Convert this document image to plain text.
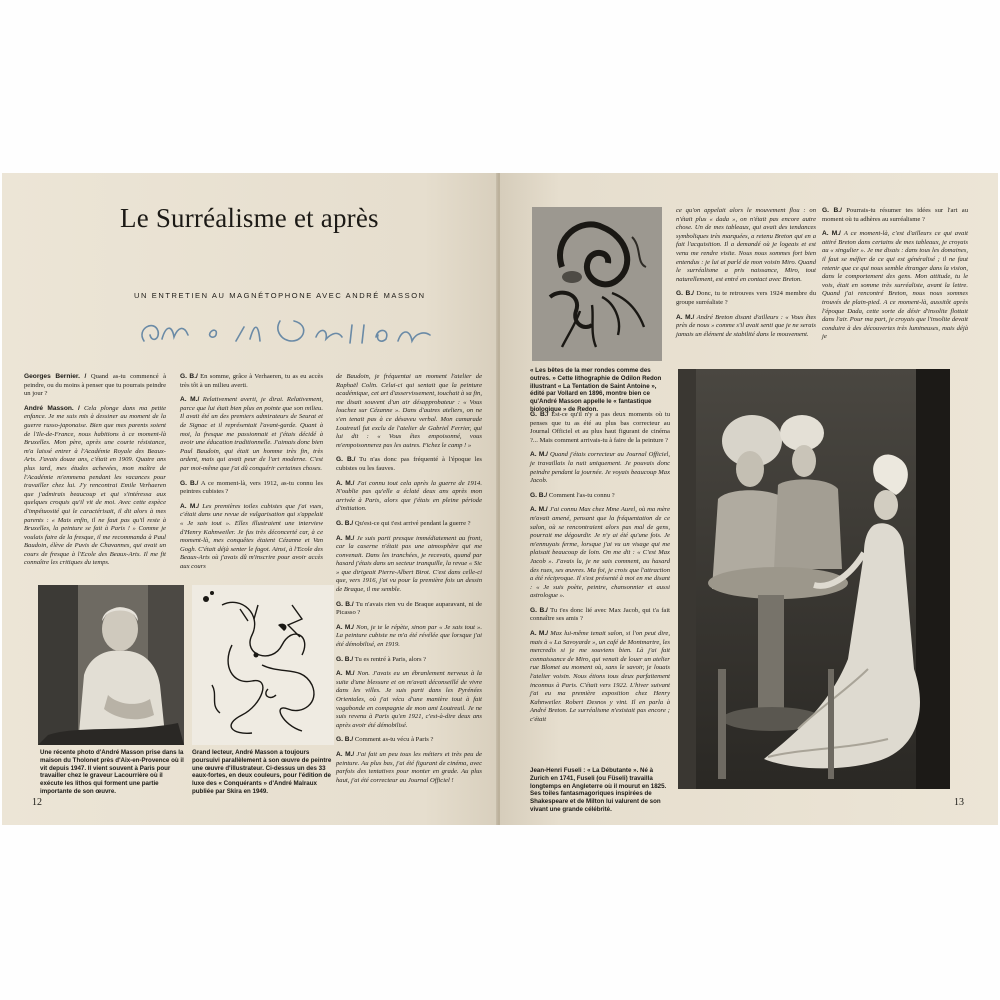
Le Surréalisme et après
UN ENTRETIEN AU MAGNÉTOPHONE AVEC ANDRÉ MASSON

Georges Bernier. / Quand as-tu commencé à peindre, ou du moins à penser que tu pourrais peindre un jour ?

André Masson. / Cela plonge dans ma petite enfance. Je me suis mis à dessiner au moment de la guerre russo-japonaise. Bien que mes parents soient de l'Ile-de-France, nous habitions à ce moment-là Bruxelles. Mon père, après une courte résistance, m'a laissé entrer à l'Académie Royale des Beaux-Arts. J'avais douze ans, c'était en 1909. Quatre ans plus tard, mes études achevées, mon maître de l'Académie m'emmena pendant les vacances pour travailler chez lui. J'y rencontrai Emile Verhaeren que j'admirais beaucoup et qui s'intéressa aux quelques croquis qu'il vit de moi. Avec cette espèce d'impétuosité qui le caractérisait, il dit alors à mes parents : « Mais enfin, il ne faut pas qu'il reste à Bruxelles, la peinture se fait à Paris ! » Comme je voulais faire de la fresque, il me recommanda à Paul Baudoin, élève de Puvis de Chavannes, qui avait un cours de fresque à l'Ecole des Beaux-Arts. Il me fit connaître les critiques du temps.

G. B./ En somme, grâce à Verhaeren, tu as eu accès très tôt à un milieu averti.

A. M./ Relativement averti, je dirai. Relativement, parce que lui était bien plus en pointe que son milieu. Il avait été un des premiers admirateurs de Seurat et de Signac et il représentait l'avant-garde. Quant à moi, la fresque me passionnait et j'étais décidé à avoir une éducation traditionnelle. J'aimais donc bien Paul Baudoin, qui était un homme très fin, très ardent, mais qui avait peur de l'art moderne. C'est par moi-même que j'ai dû conquérir certaines choses.

G. B./ A ce moment-là, vers 1912, as-tu connu les peintres cubistes ?

A. M./ Les premières toiles cubistes que j'ai vues, c'était dans une revue de vulgarisation qui s'appelait « Je sais tout ». Elles illustraient une interview d'Henry Kahnweiler. Je fus très déconcerté car, à ce moment-là, mes conquêtes étaient Cézanne et Van Gogh. C'était déjà senter le fagot. Ainsi, à l'Ecole des Beaux-Arts où j'avais dû m'inscrire pour avoir accès aux cours

de Baudoin, je fréquentai un moment l'atelier de Raphaël Colin. Celui-ci qui sentait que la peinture académique, cet art d'asservissement, touchait à sa fin, me disait souvent d'un air désapprobateur : « Vous louchez sur Cézanne ». Dans d'autres ateliers, on ne s'en tenait pas à ce désaveu verbal. Mon camarade Loutreuil fut exclu de l'atelier de Gabriel Ferrier, qui lui dit : « Vous êtes empoisonné, vous m'empoisonnerez pas les autres. Fichez le camp ! »

G. B./ Tu n'as donc pas fréquenté à l'époque les cubistes ou les fauves.

A. M./ J'ai connu tout cela après la guerre de 1914. N'oublie pas qu'elle a éclaté deux ans après mon arrivée à Paris, alors que j'étais en pleine période d'initiation.

G. B./ Qu'est-ce qui t'est arrivé pendant la guerre ?

A. M./ Je suis parti presque immédiatement au front, car la caserne n'était pas une atmosphère qui me convenait. Dans les tranchées, je recevais, quand par hasard j'étais dans un secteur tranquille, la revue « Sic » que dirigeait Pierre-Albert Birot. C'est dans celle-ci que, vers 1916, j'ai vu pour la première fois un dessin de Braque, il me semble.

G. B./ Tu n'avais rien vu de Braque auparavant, ni de Picasso ?

A. M./ Non, je te le répète, sinon par « Je sais tout ». La peinture cubiste ne m'a été révélée que lorsque j'ai été démobilisé, en 1919.

G. B./ Tu es rentré à Paris, alors ?

A. M./ Non. J'avais eu un ébranlement nerveux à la suite d'une blessure et on m'avait déconseillé de vivre dans les villes. Je suis parti dans les Pyrénées Orientales, où j'ai vécu d'une manière tout à fait vagabonde en compagnie de mon ami Loutreuil. Je ne suis revenu à Paris qu'en 1921, c'est-à-dire deux ans après avoir été démobilisé.

G. B./ Comment as-tu vécu à Paris ?

A. M./ J'ai fait un peu tous les métiers et très peu de peinture. Au plus bas, j'ai été figurant de cinéma, avec parfois des tentatives pour monter en grade. Au plus haut, j'ai été correcteur au Journal Officiel !

Une récente photo d'André Masson prise dans la maison du Tholonet près d'Aix-en-Provence où il vit depuis 1947. Il vient souvent à Paris pour travailler chez le graveur Lacourrière où il exécute les lithos qui forment une partie importante de son œuvre.
Grand lecteur, André Masson a toujours poursuivi parallèlement à son œuvre de peintre une œuvre d'illustrateur. Ci-dessus un des 33 eaux-fortes, en deux couleurs, pour l'édition de luxe des « Conquérants » d'André Malraux publiée par Skira en 1949.
12
« Les bêtes de la mer rondes comme des outres. » Cette lithographie de Odilon Redon illustrant « La Tentation de Saint Antoine », édité par Vollard en 1896, montre bien ce qu'André Masson appelle le « fantastique biologique » de Redon.

ce qu'on appelait alors le mouvement flou : on n'était plus « dada », on n'était pas encore autre chose. Un de mes tableaux, qui avait des tendances symboliques très marquées, a retenu Breton qui en a fait l'acquisition. Il a demandé où je logeais et est venu me rendre visite. Nous nous sommes fort bien entendus : je lui ai parlé de mon voisin Miro. Quand le surréalisme a pris naissance, Miro, tout naturellement, est entré en contact avec Breton.

G. B./ Donc, tu te retrouves vers 1924 membre du groupe surréaliste ?

A. M./ André Breton disant d'ailleurs : « Vous êtes près de nous » comme s'il avait senti que je ne serais jamais un élément de stabilité dans le mouvement.

G. B./ Pourrais-tu résumer tes idées sur l'art au moment où tu adhères au surréalisme ?

A. M./ A ce moment-là, c'est d'ailleurs ce qui avait attiré Breton dans certains de mes tableaux, je croyais au « singulier ». Je me disais : dans tous les domaines, il faut se méfier de ce qui est généralisé ; il ne faut retenir que ce qui nous semble étranger dans la vision, dans le comportement des gens. Mon attitude, tu le vois, était en somme très surréaliste, avant la lettre. Quand j'ai rencontré Breton, nous nous sommes trouvés de plain-pied. A ce moment-là, aussitôt après l'époque Dada, cette sorte de désir d'insolite flottait dans l'air. Pour ma part, je croyais que l'insolite devait conduire à des découvertes très lumineuses, mais déjà je

G. B./ Est-ce qu'il n'y a pas deux moments où tu penses que tu as été au plus bas correcteur au Journal Officiel et au plus haut figurant de cinéma ?... Mais comment arrivais-tu à faire de la peinture ?

A. M./ Quand j'étais correcteur au Journal Officiel, je travaillais la nuit uniquement. Je pouvais donc peindre pendant la journée. Je voyais beaucoup Max Jacob.

G. B./ Comment l'as-tu connu ?

A. M./ J'ai connu Max chez Mme Aurel, où ma mère m'avait amené, pensant que la fréquentation de ce salon, où se rencontraient alors pas mal de gens, pourrait me dégourdir. Je n'y ai été qu'une fois. Je m'ennuyais ferme, lorsque j'ai vu un visage qui me plaisait beaucoup de loin. On me dit : « C'est Max Jacob ». J'avais lu, je ne sais comment, au hasard des rues, ses œuvres. Ma foi, je crois que l'attraction a été réciproque. Il s'est présenté à moi en me disant : « Je suis poète, peintre, chansonnier et aussi astrologue ».

G. B./ Tu t'es donc lié avec Max Jacob, qui t'a fait connaître ses amis ?

A. M./ Max lui-même tenait salon, si l'on peut dire, mais à « La Savoyarde », un café de Montmartre, les mercredis si je me souviens bien. Là j'ai fait connaissance de Miro, qui venait de louer un atelier rue Blomet au moment où, sans le savoir, je louais l'atelier voisin. Nous étions tous deux parfaitement inconnus à Paris. C'était vers 1922. L'hiver suivant j'ai eu ma première exposition chez Henry Kahnweiler. Robert Desnos y vint. Il en parla à André Breton. Le surréalisme n'existait pas encore ; c'était

Jean-Henri Fuseli : « La Débutante ». Né à Zurich en 1741, Fuseli (ou Füseli) travailla longtemps en Angleterre où il mourut en 1825. Ses toiles fantasmagoriques inspirées de Shakespeare et de Milton lui valurent de son vivant une grande célébrité.
13
